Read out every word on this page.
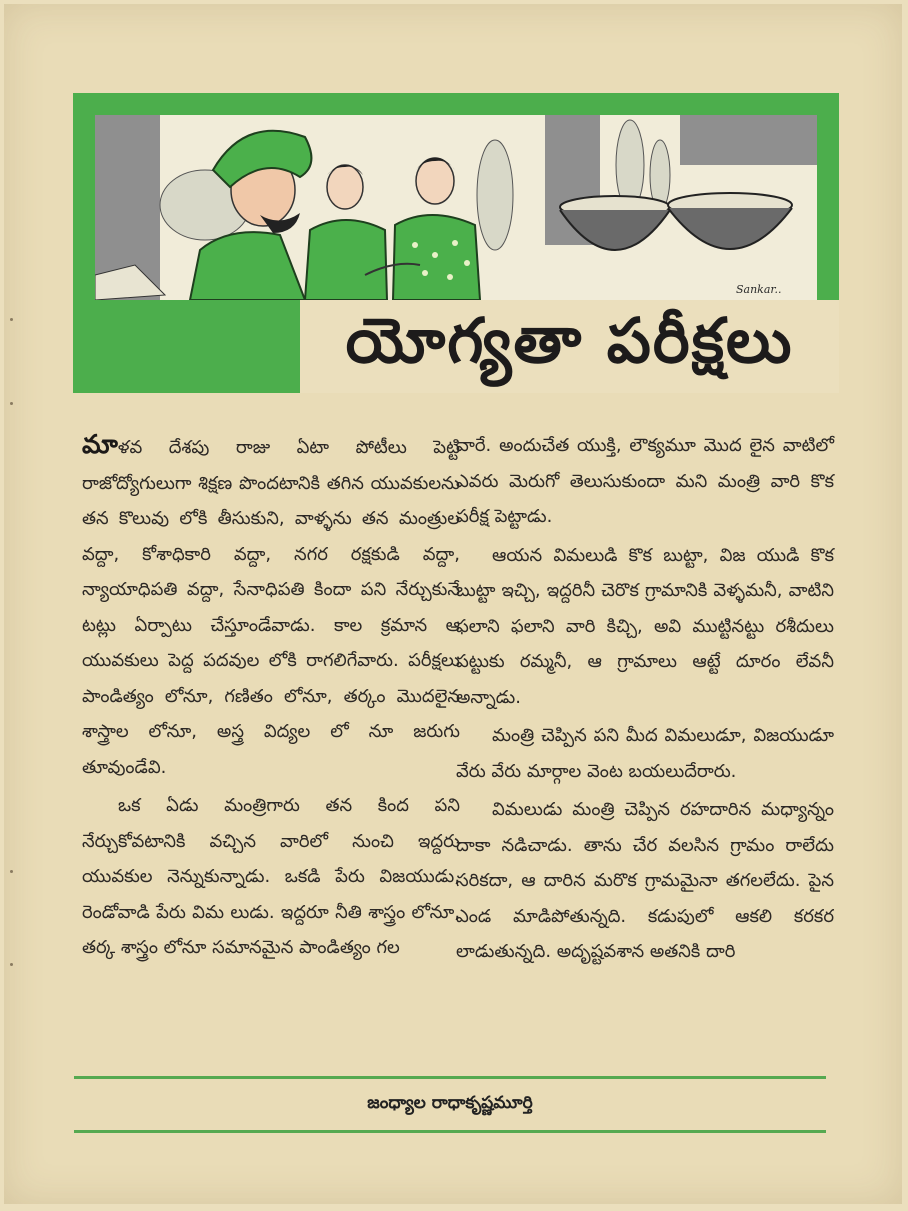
Sankar..
యోగ్యతా పరీక్షలు

మాళవ దేశపు రాజు ఏటా పోటీలు పెట్టి రాజోద్యోగులుగా శిక్షణ పొందటానికి తగిన యువకులను తన కొలువు లోకి తీసుకుని, వాళ్ళను తన మంత్రుల వద్దా, కోశాధికారి వద్దా, నగర రక్షకుడి వద్దా, న్యాయాధిపతి వద్దా, సేనాధిపతి కిందా పని నేర్చుకునే టట్లు ఏర్పాటు చేస్తూండేవాడు. కాల క్రమాన ఆ యువకులు పెద్ద పదవుల లోకి రాగలిగేవారు. పరీక్షలు పాండిత్యం లోనూ, గణితం లోనూ, తర్కం మొదలైన శాస్త్రాల లోనూ, అస్త్ర విద్యల లో నూ జరుగు తూవుండేవి.

ఒక ఏడు మంత్రిగారు తన కింద పని నేర్చుకోవటానికి వచ్చిన వారిలో నుంచి ఇద్దరు యువకుల నెన్నుకున్నాడు. ఒకడి పేరు విజయుడు, రెండోవాడి పేరు విమ లుడు. ఇద్దరూ నీతి శాస్త్రం లోనూ, తర్క శాస్త్రం లోనూ సమానమైన పాండిత్యం గల

వారే. అందుచేత యుక్తి, లౌక్యమూ మొద లైన వాటిలో ఎవరు మెరుగో తెలుసుకుందా మని మంత్రి వారి కొక పరీక్ష పెట్టాడు.

ఆయన విమలుడి కొక బుట్టా, విజ యుడి కొక బుట్టా ఇచ్చి, ఇద్దరినీ చెరొక గ్రామానికి వెళ్ళమనీ, వాటిని ఫలాని ఫలాని వారి కిచ్చి, అవి ముట్టినట్టు రశీదులు పట్టుకు రమ్మనీ, ఆ గ్రామాలు ఆట్టే దూరం లేవనీ అన్నాడు.

మంత్రి చెప్పిన పని మీద విమలుడూ, విజయుడూ వేరు వేరు మార్గాల వెంట బయలుదేరారు.

విమలుడు మంత్రి చెప్పిన రహదారిన మధ్యాన్నం దాకా నడిచాడు. తాను చేర వలసిన గ్రామం రాలేదు సరికదా, ఆ దారిన మరొక గ్రామమైనా తగలలేదు. పైన ఎండ మాడిపోతున్నది. కడుపులో ఆకలి కరకర లాడుతున్నది. అదృష్టవశాన అతనికి దారి

జంధ్యాల రాధాకృష్ణమూర్తి
